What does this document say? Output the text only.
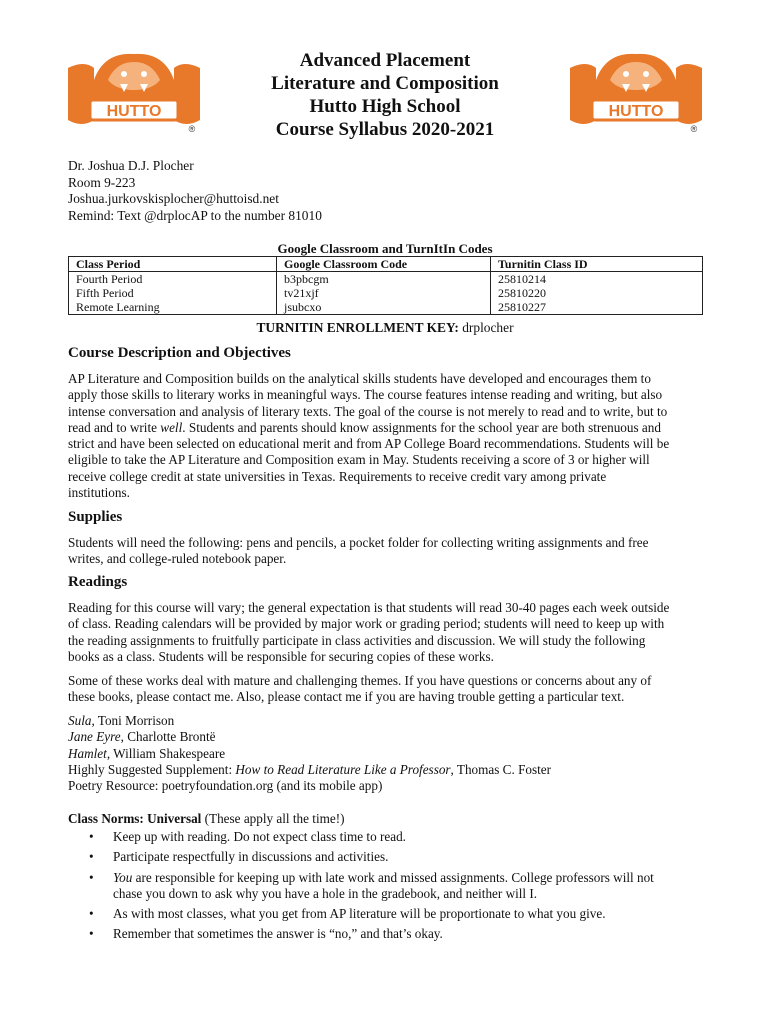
HUTTO
®
HUTTO
®
Advanced Placement
Literature and Composition
Hutto High School
Course Syllabus 2020-2021
Dr. Joshua D.J. Plocher
Room 9-223
Joshua.jurkovskisplocher@huttoisd.net
Remind: Text @drplocAP to the number 81010
Google Classroom and TurnItIn Codes
Class Period	Google Classroom Code	Turnitin Class ID
Fourth Period	b3pbcgm	25810214
Fifth Period	tv21xjf	25810220
Remote Learning	jsubcxo	25810227
TURNITIN ENROLLMENT KEY: drplocher
Course Description and Objectives
AP Literature and Composition builds on the analytical skills students have developed and encourages them to
apply those skills to literary works in meaningful ways. The course features intense reading and writing, but also
intense conversation and analysis of literary texts. The goal of the course is not merely to read and to write, but to
read and to write well. Students and parents should know assignments for the school year are both strenuous and
strict and have been selected on educational merit and from AP College Board recommendations. Students will be
eligible to take the AP Literature and Composition exam in May. Students receiving a score of 3 or higher will
receive college credit at state universities in Texas. Requirements to receive credit vary among private
institutions.
Supplies
Students will need the following: pens and pencils, a pocket folder for collecting writing assignments and free
writes, and college-ruled notebook paper.
Readings
Reading for this course will vary; the general expectation is that students will read 30-40 pages each week outside
of class. Reading calendars will be provided by major work or grading period; students will need to keep up with
the reading assignments to fruitfully participate in class activities and discussion. We will study the following
books as a class. Students will be responsible for securing copies of these works.
Some of these works deal with mature and challenging themes. If you have questions or concerns about any of
these books, please contact me. Also, please contact me if you are having trouble getting a particular text.
Sula, Toni Morrison
Jane Eyre, Charlotte Brontë
Hamlet, William Shakespeare
Highly Suggested Supplement: How to Read Literature Like a Professor, Thomas C. Foster
Poetry Resource: poetryfoundation.org (and its mobile app)
Class Norms: Universal (These apply all the time!)
• Keep up with reading. Do not expect class time to read.
• Participate respectfully in discussions and activities.
• You are responsible for keeping up with late work and missed assignments. College professors will not
chase you down to ask why you have a hole in the gradebook, and neither will I.
• As with most classes, what you get from AP literature will be proportionate to what you give.
• Remember that sometimes the answer is “no,” and that’s okay.
